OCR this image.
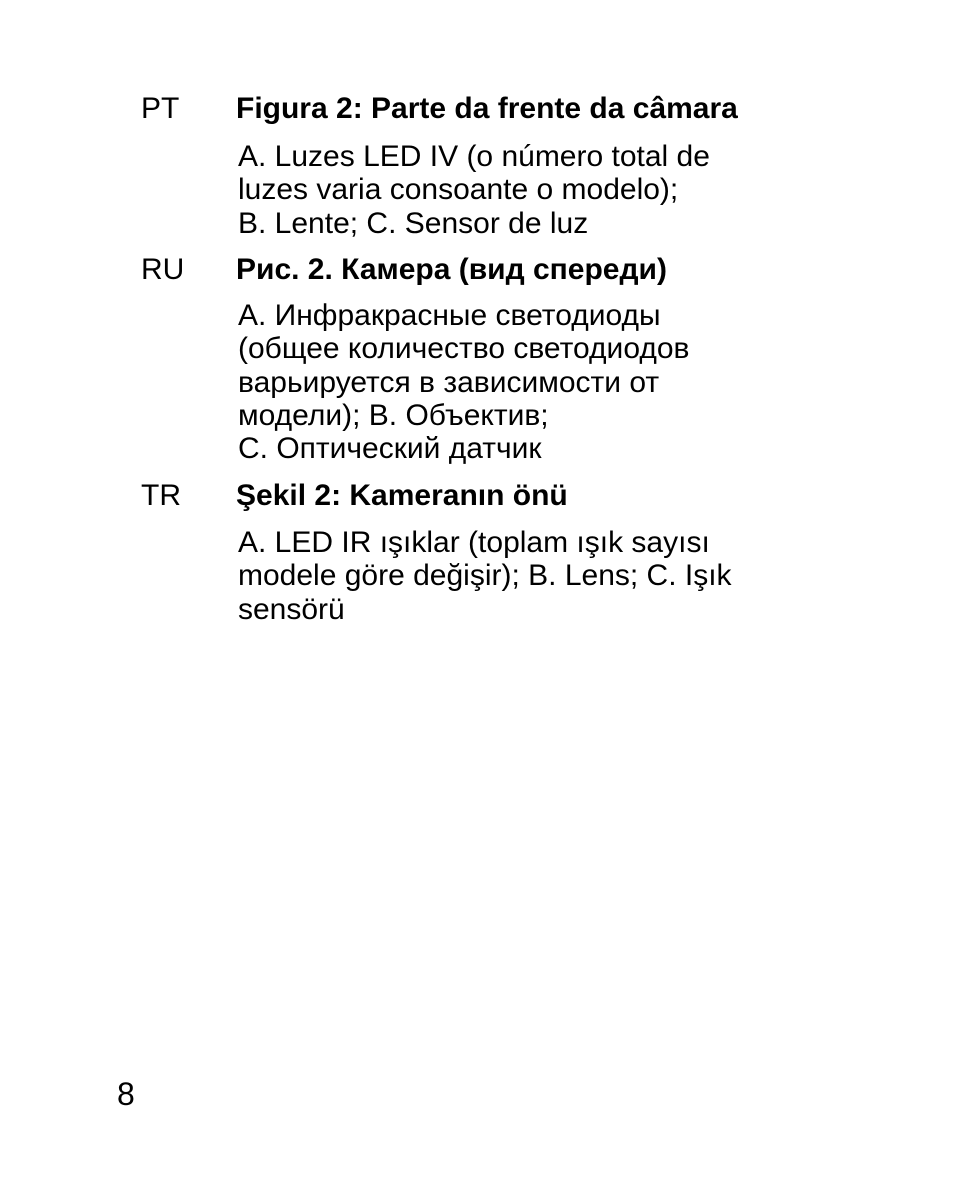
PT Figura 2: Parte da frente da câmara
A. Luzes LED IV (o número total de
luzes varia consoante o modelo);
B. Lente; C. Sensor de luz
RU Рис. 2. Камера (вид спереди)
A. Инфракрасные светодиоды
(общее количество светодиодов
варьируется в зависимости от
модели); B. Объектив;
C. Оптический датчик
TR Şekil 2: Kameranın önü
A. LED IR ışıklar (toplam ışık sayısı
modele göre değişir); B. Lens; C. Işık
sensörü
8
